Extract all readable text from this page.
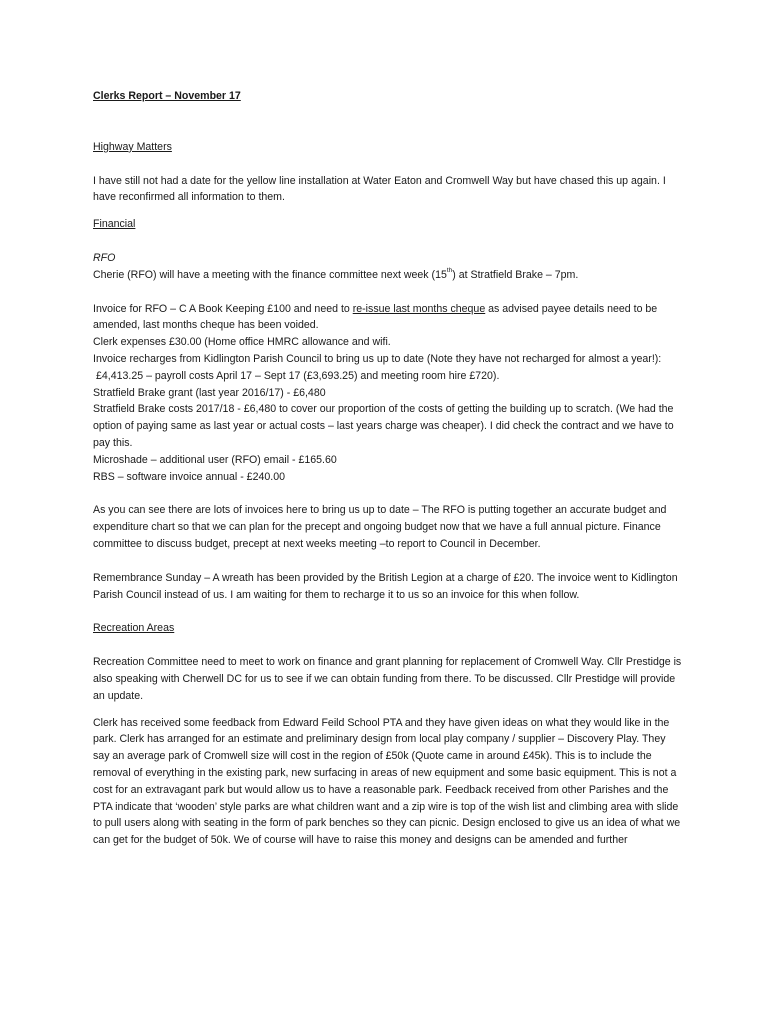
Clerks Report – November 17

Highway Matters

I have still not had a date for the yellow line installation at Water Eaton and Cromwell Way but have chased this up again. I have reconfirmed all information to them.

Financial

RFO

Cherie (RFO) will have a meeting with the finance committee next week (15th) at Stratfield Brake – 7pm.

Invoice for RFO – C A Book Keeping £100 and need to re-issue last months cheque as advised payee details need to be amended, last months cheque has been voided.

Clerk expenses £30.00 (Home office HMRC allowance and wifi.

Invoice recharges from Kidlington Parish Council to bring us up to date (Note they have not recharged for almost a year!):

£4,413.25 – payroll costs April 17 – Sept 17 (£3,693.25) and meeting room hire £720).

Stratfield Brake grant (last year 2016/17) - £6,480

Stratfield Brake costs 2017/18 - £6,480 to cover our proportion of the costs of getting the building up to scratch. (We had the option of paying same as last year or actual costs – last years charge was cheaper). I did check the contract and we have to pay this.

Microshade – additional user (RFO) email - £165.60

RBS – software invoice annual - £240.00

As you can see there are lots of invoices here to bring us up to date – The RFO is putting together an accurate budget and expenditure chart so that we can plan for the precept and ongoing budget now that we have a full annual picture. Finance committee to discuss budget, precept at next weeks meeting –to report to Council in December.

Remembrance Sunday – A wreath has been provided by the British Legion at a charge of £20. The invoice went to Kidlington Parish Council instead of us. I am waiting for them to recharge it to us so an invoice for this when follow.

Recreation Areas

Recreation Committee need to meet to work on finance and grant planning for replacement of Cromwell Way. Cllr Prestidge is also speaking with Cherwell DC for us to see if we can obtain funding from there. To be discussed. Cllr Prestidge will provide an update.

Clerk has received some feedback from Edward Feild School PTA and they have given ideas on what they would like in the park. Clerk has arranged for an estimate and preliminary design from local play company / supplier – Discovery Play. They say an average park of Cromwell size will cost in the region of £50k (Quote came in around £45k). This is to include the removal of everything in the existing park, new surfacing in areas of new equipment and some basic equipment. This is not a cost for an extravagant park but would allow us to have a reasonable park. Feedback received from other Parishes and the PTA indicate that ‘wooden’ style parks are what children want and a zip wire is top of the wish list and climbing area with slide to pull users along with seating in the form of park benches so they can picnic. Design enclosed to give us an idea of what we can get for the budget of 50k. We of course will have to raise this money and designs can be amended and further
